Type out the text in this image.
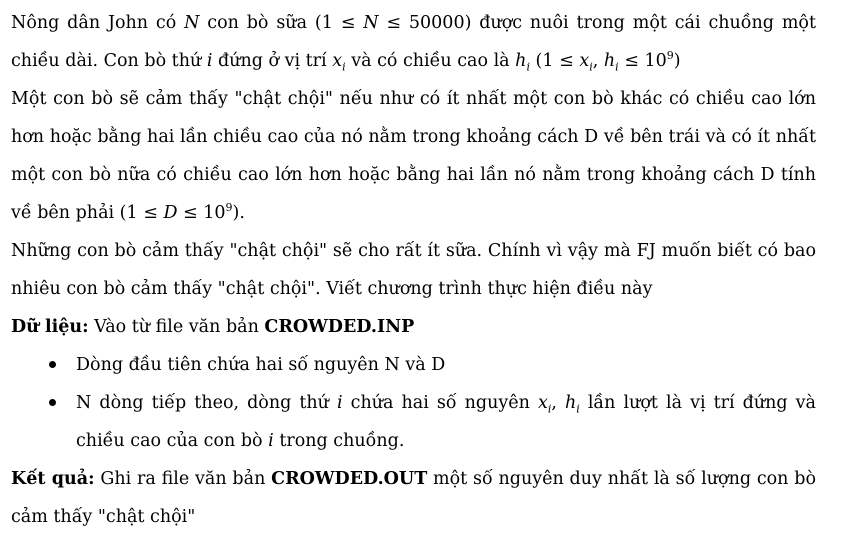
Nông dân John có N con bò sữa (1 ≤ N ≤ 50000) được nuôi trong một cái chuồng một chiều dài. Con bò thứ i đứng ở vị trí $x_i$ và có chiều cao là $h_i$ ($1 \le x_i$, $h_i \le 10^9$)

Một con bò sẽ cảm thấy "chật chội" nếu như có ít nhất một con bò khác có chiều cao lớn hơn hoặc bằng hai lần chiều cao của nó nằm trong khoảng cách D về bên trái và có ít nhất một con bò nữa có chiều cao lớn hơn hoặc bằng hai lần nó nằm trong khoảng cách D tính về bên phải $(1 \le D \le 10^9)$.

Những con bò cảm thấy "chật chội" sẽ cho rất ít sữa. Chính vì vậy mà FJ muốn biết có bao nhiêu con bò cảm thấy "chật chội". Viết chương trình thực hiện điều này

Dữ liệu: Vào từ file văn bản CROWDED.INP

Dòng đầu tiên chứa hai số nguyên N và D
N dòng tiếp theo, dòng thứ i chứa hai số nguyên $x_i$, $h_i$ lần lượt là vị trí đứng và chiều cao của con bò i trong chuồng.

Kết quả: Ghi ra file văn bản CROWDED.OUT một số nguyên duy nhất là số lượng con bò cảm thấy "chật chội"
